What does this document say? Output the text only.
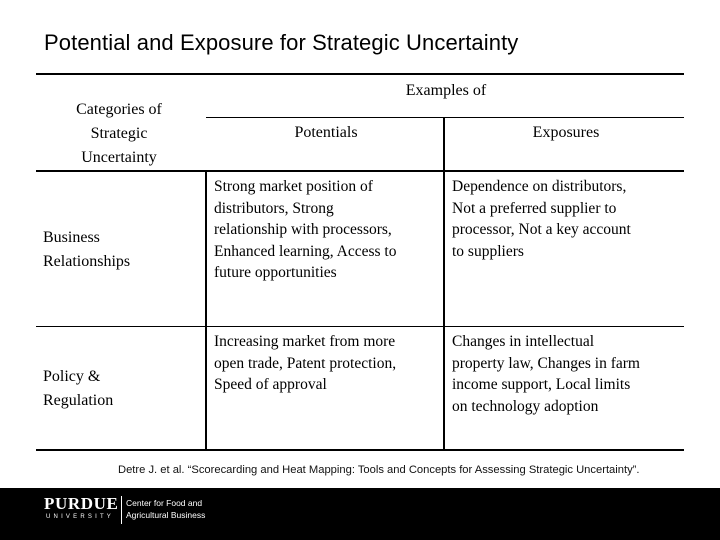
Potential and Exposure for Strategic Uncertainty
Categories of
Strategic
Uncertainty
Examples of
Potentials	Exposures
Business
Relationships
Strong market position of
distributors, Strong
relationship with processors,
Enhanced learning, Access to
future opportunities
Dependence on distributors,
Not a preferred supplier to
processor, Not a key account
to suppliers
Policy &
Regulation
Increasing market from more
open trade, Patent protection,
Speed of approval
Changes in intellectual
property law, Changes in farm
income support, Local limits
on technology adoption
Detre J. et al. “Scorecarding and Heat Mapping: Tools and Concepts for Assessing Strategic Uncertainty”.
PURDUE
UNIVERSITY
Center for Food and
Agricultural Business
